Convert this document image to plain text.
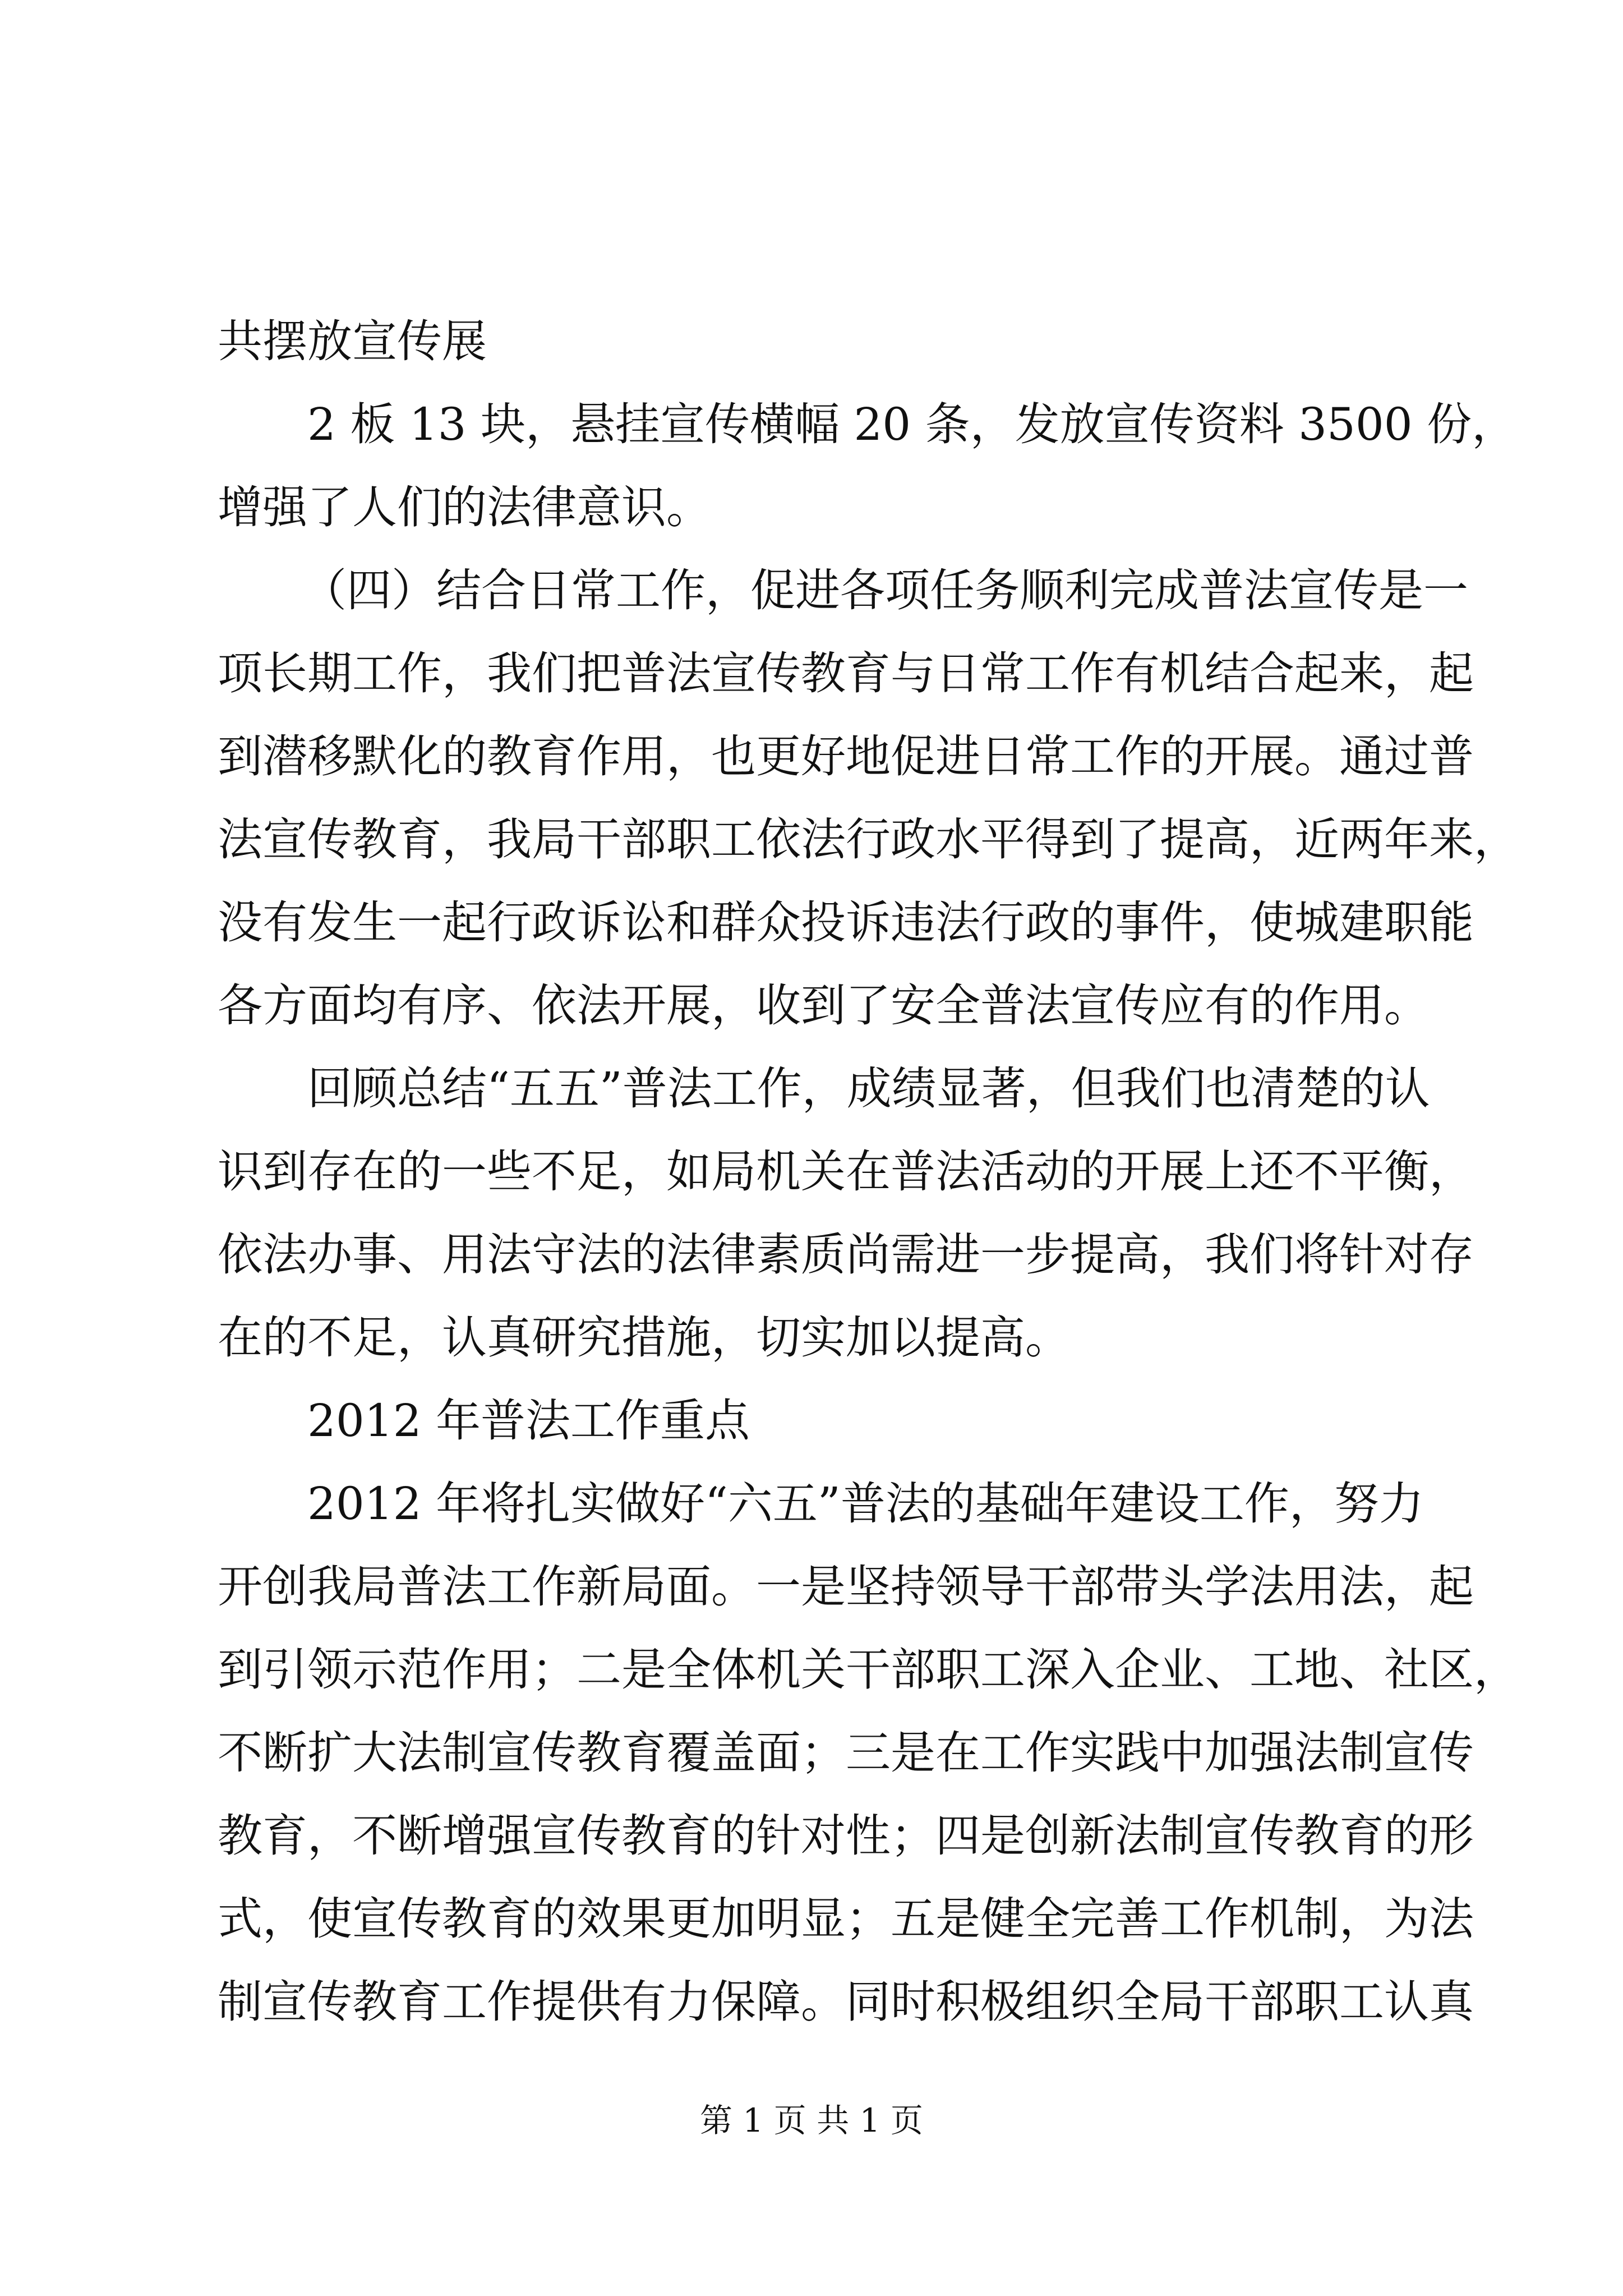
共摆放宣传展
2 板 13 块，悬挂宣传横幅 20 条，发放宣传资料 3500 份，
增强了人们的法律意识。
（四）结合日常工作，促进各项任务顺利完成普法宣传是一
项长期工作，我们把普法宣传教育与日常工作有机结合起来，起
到潜移默化的教育作用，也更好地促进日常工作的开展。通过普
法宣传教育，我局干部职工依法行政水平得到了提高，近两年来，
没有发生一起行政诉讼和群众投诉违法行政的事件，使城建职能
各方面均有序、依法开展，收到了安全普法宣传应有的作用。
回顾总结“五五”普法工作，成绩显著，但我们也清楚的认
识到存在的一些不足，如局机关在普法活动的开展上还不平衡，
依法办事、用法守法的法律素质尚需进一步提高，我们将针对存
在的不足，认真研究措施，切实加以提高。
2012 年普法工作重点
2012 年将扎实做好“六五”普法的基础年建设工作，努力
开创我局普法工作新局面。一是坚持领导干部带头学法用法，起
到引领示范作用；二是全体机关干部职工深入企业、工地、社区，
不断扩大法制宣传教育覆盖面；三是在工作实践中加强法制宣传
教育，不断增强宣传教育的针对性；四是创新法制宣传教育的形
式，使宣传教育的效果更加明显；五是健全完善工作机制，为法
制宣传教育工作提供有力保障。同时积极组织全局干部职工认真
第 1 页 共 1 页
